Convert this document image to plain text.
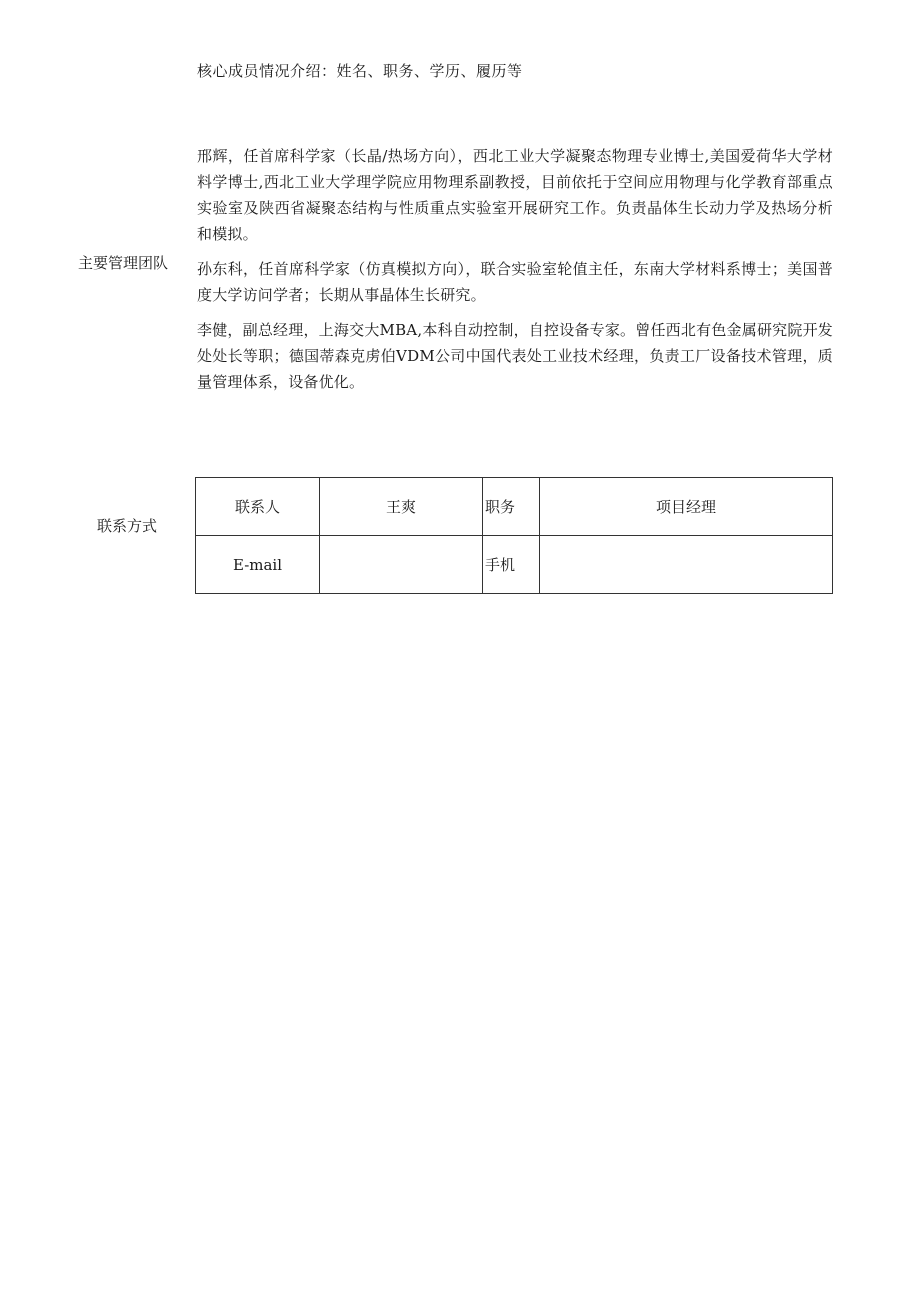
核心成员情况介绍：姓名、职务、学历、履历等
主要管理团队

邢辉，任首席科学家（长晶/热场方向），西北工业大学凝聚态物理专业博士,美国爱荷华大学材料学博士,西北工业大学理学院应用物理系副教授，目前依托于空间应用物理与化学教育部重点实验室及陕西省凝聚态结构与性质重点实验室开展研究工作。负责晶体生长动力学及热场分析和模拟。

孙东科，任首席科学家（仿真模拟方向），联合实验室轮值主任，东南大学材料系博士；美国普度大学访问学者；长期从事晶体生长研究。

李健，副总经理，上海交大MBA,本科自动控制，自控设备专家。曾任西北有色金属研究院开发处处长等职；德国蒂森克虏伯VDM公司中国代表处工业技术经理，负责工厂设备技术管理，质量管理体系，设备优化。

联系方式
联系人	王爽	职务	项目经理
E-mail		手机	
